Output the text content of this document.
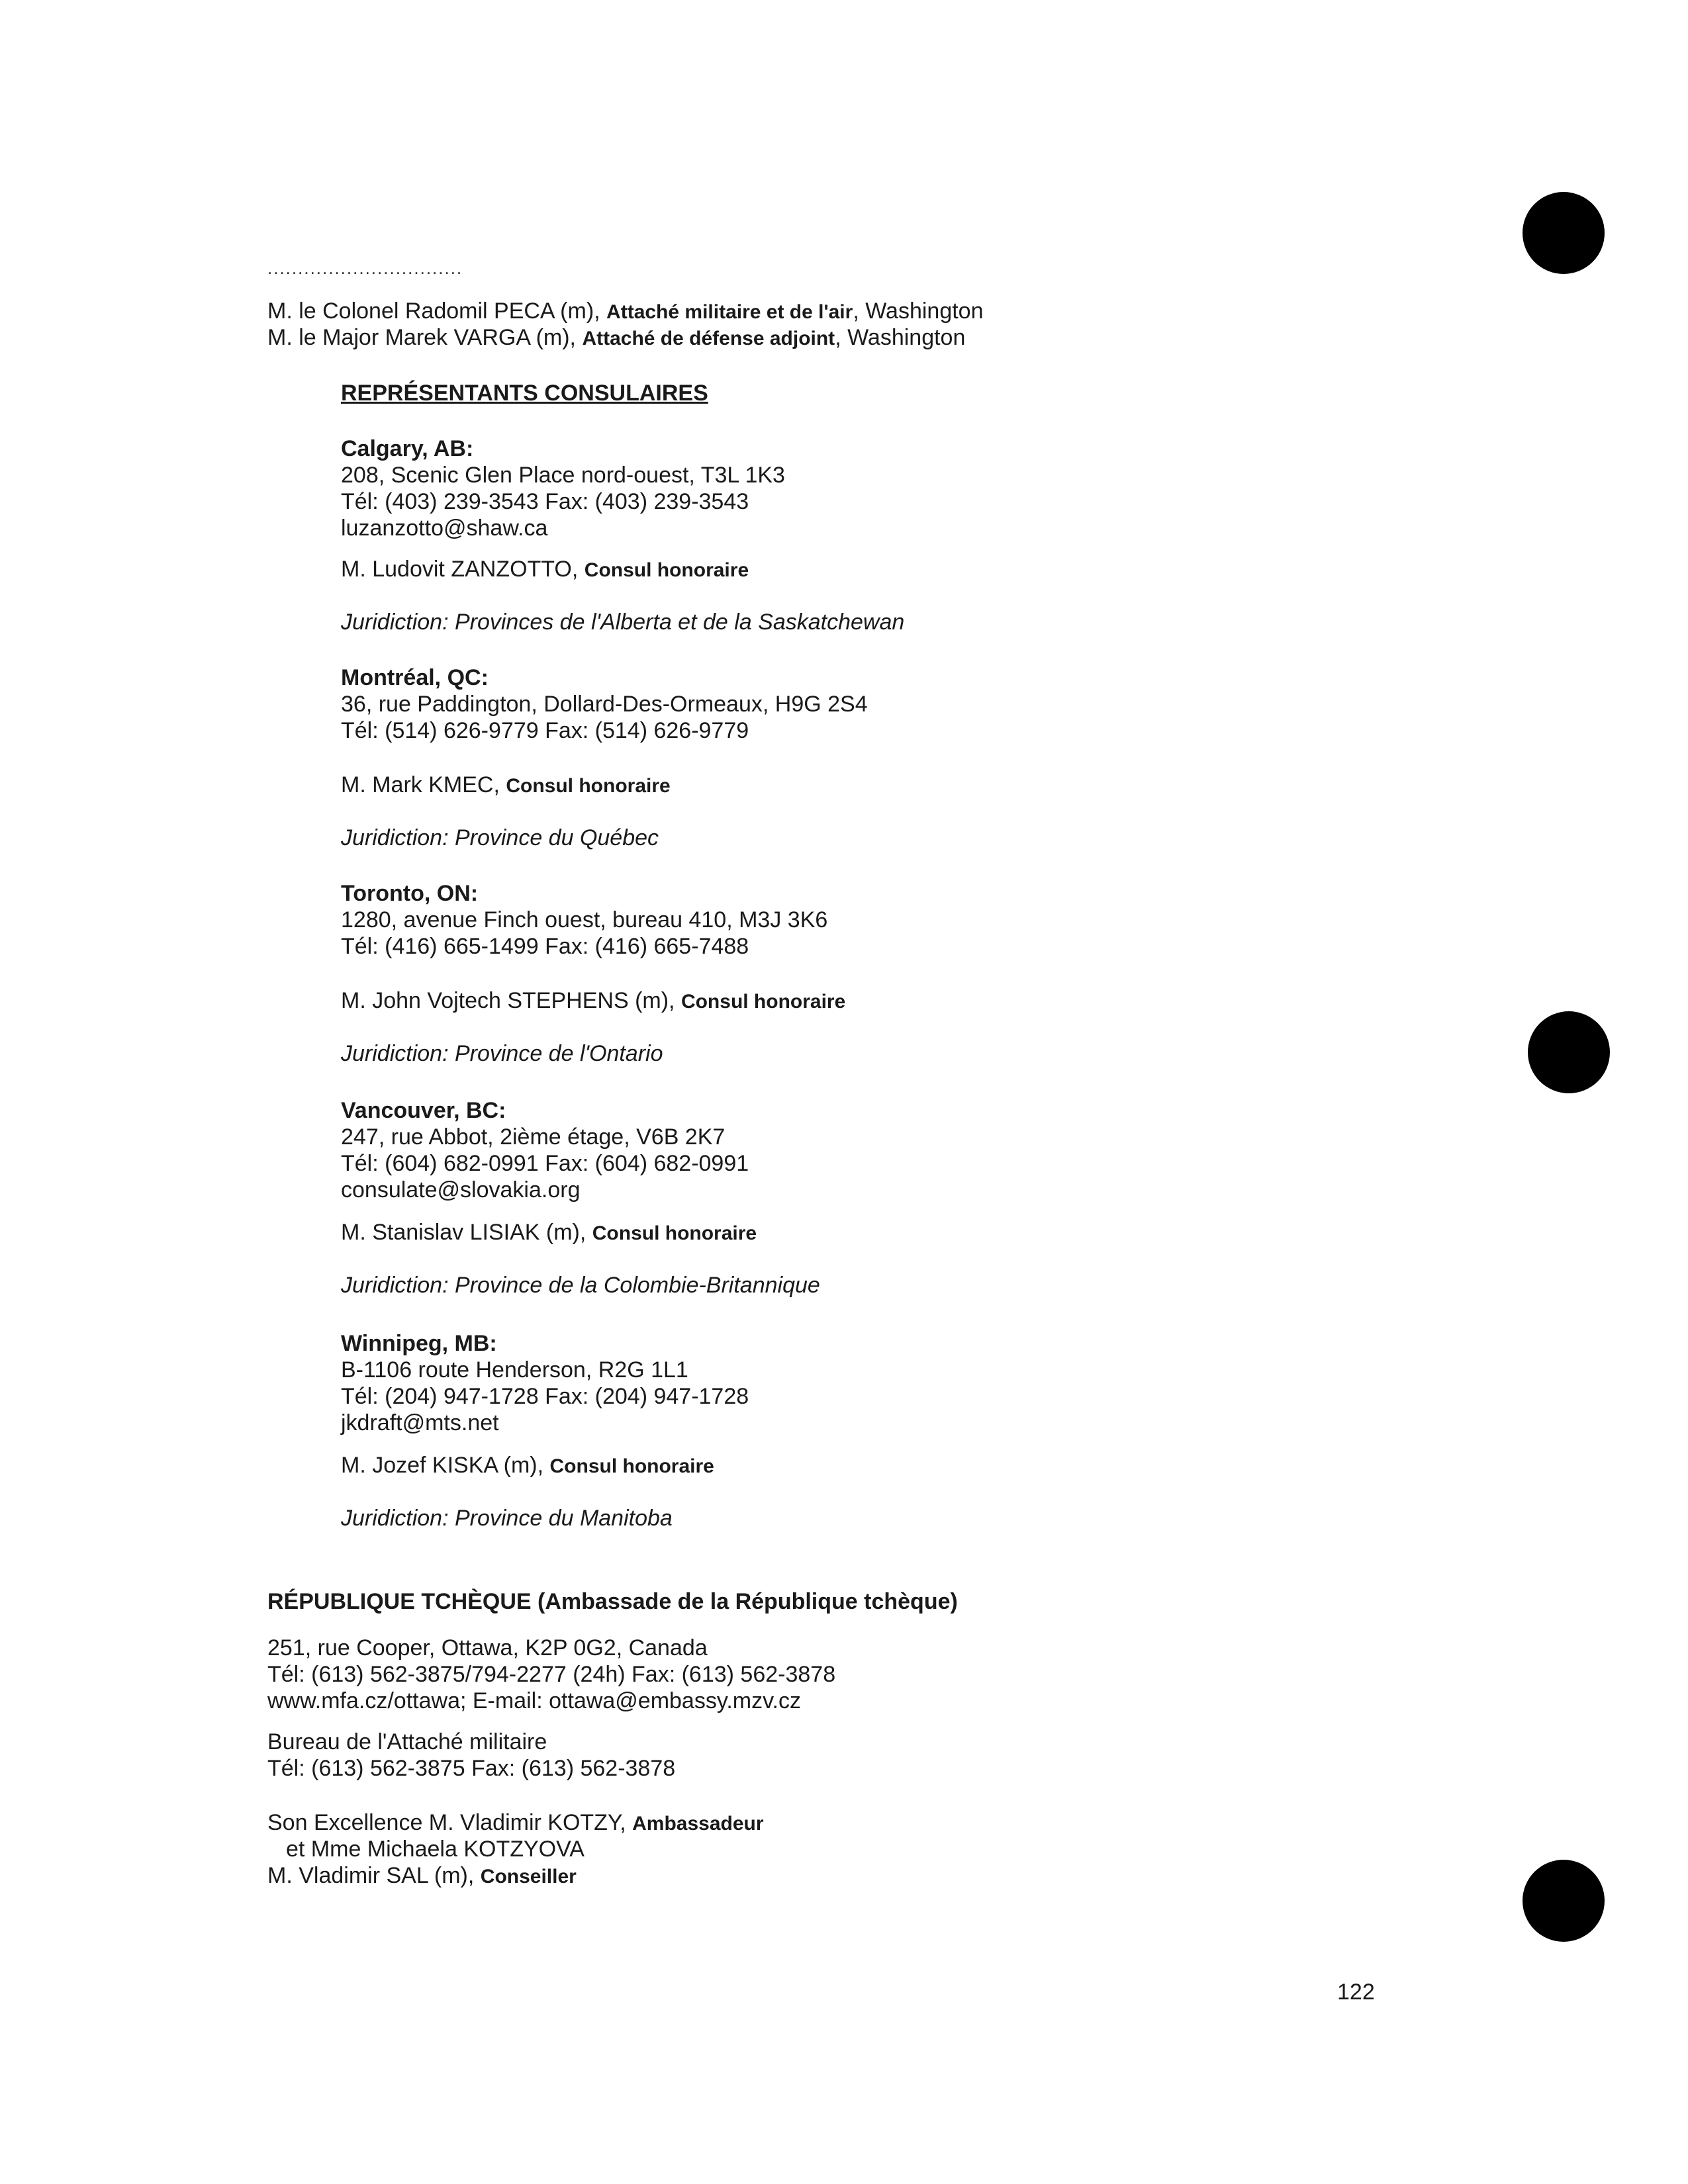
................................
M. le Colonel Radomil PECA (m), Attaché militaire et de l'air, Washington
M. le Major Marek VARGA (m), Attaché de défense adjoint, Washington
REPRÉSENTANTS CONSULAIRES
Calgary, AB:
208, Scenic Glen Place nord-ouest, T3L 1K3
Tél: (403) 239-3543 Fax: (403) 239-3543
luzanzotto@shaw.ca
M. Ludovit ZANZOTTO, Consul honoraire
Juridiction: Provinces de l'Alberta et de la Saskatchewan
Montréal, QC:
36, rue Paddington, Dollard-Des-Ormeaux, H9G 2S4
Tél: (514) 626-9779 Fax: (514) 626-9779
M. Mark KMEC, Consul honoraire
Juridiction: Province du Québec
Toronto, ON:
1280, avenue Finch ouest, bureau 410, M3J 3K6
Tél: (416) 665-1499 Fax: (416) 665-7488
M. John Vojtech STEPHENS (m), Consul honoraire
Juridiction: Province de l'Ontario
Vancouver, BC:
247, rue Abbot, 2ième étage, V6B 2K7
Tél: (604) 682-0991 Fax: (604) 682-0991
consulate@slovakia.org
M. Stanislav LISIAK (m), Consul honoraire
Juridiction: Province de la Colombie-Britannique
Winnipeg, MB:
B-1106 route Henderson, R2G 1L1
Tél: (204) 947-1728 Fax: (204) 947-1728
jkdraft@mts.net
M. Jozef KISKA (m), Consul honoraire
Juridiction: Province du Manitoba
RÉPUBLIQUE TCHÈQUE (Ambassade de la République tchèque)
251, rue Cooper, Ottawa, K2P 0G2, Canada
Tél: (613) 562-3875/794-2277 (24h) Fax: (613) 562-3878
www.mfa.cz/ottawa; E-mail: ottawa@embassy.mzv.cz
Bureau de l'Attaché militaire
Tél: (613) 562-3875 Fax: (613) 562-3878
Son Excellence M. Vladimir KOTZY, Ambassadeur
et Mme Michaela KOTZYOVA
M. Vladimir SAL (m), Conseiller
122
